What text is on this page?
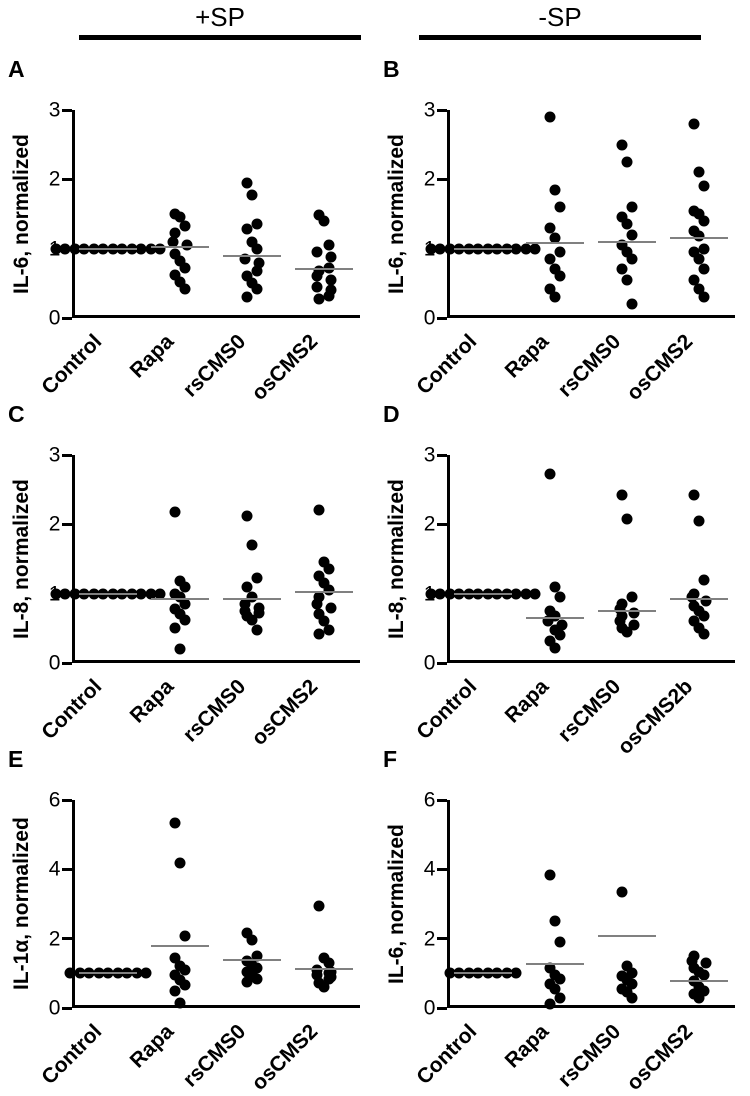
+SP	-SP
A
IL-6, normalized
0
2
3
Control Rapa rsCMS0
osCMS2
B
IL-6, normalized
0
2
3
Control Rapa rsCMS0
osCMS2
C
IL-8, normalized
0
2
3
Control Rapa rsCMS0
osCMS2
D
IL-8, normalized
0
2
3
Control Rapa rsCMS0
osCMS2b
E
IL-1α, normalized
0
2
4
6
Control Rapa rsCMS0
osCMS2
F
IL-6, normalized
0
2
4
6
Control Rapa rsCMS0
osCMS2
